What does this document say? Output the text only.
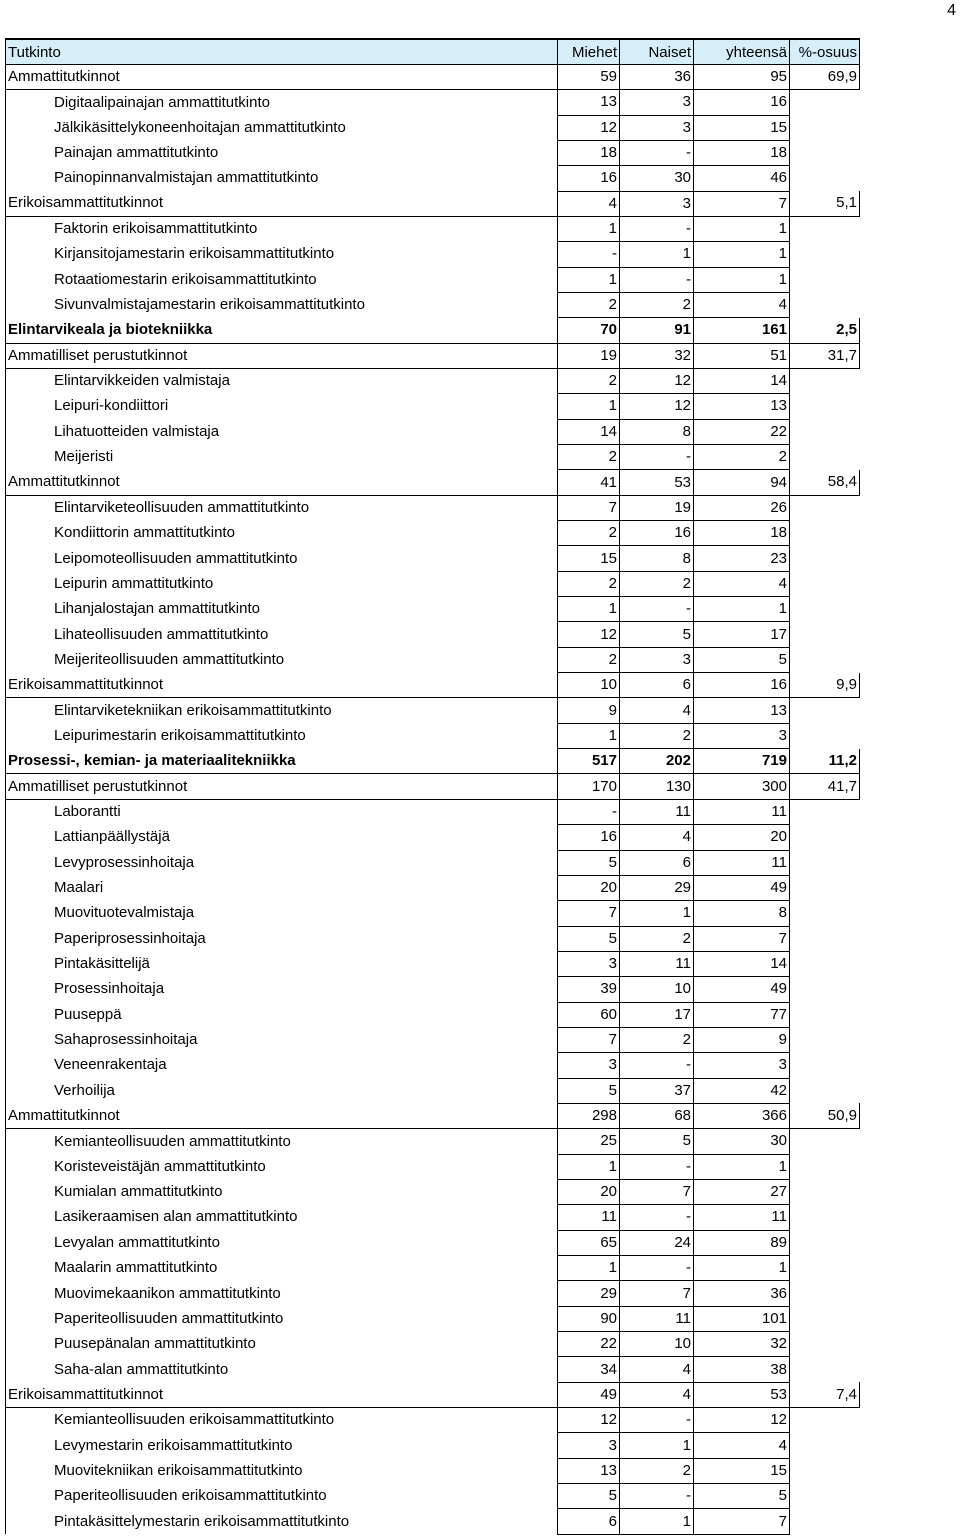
4
Tutkinto	Miehet	Naiset	yhteensä	%-osuus
Ammattitutkinnot	59	36	95	69,9
Digitaalipainajan ammattitutkinto	13	3	16	
Jälkikäsittelykoneenhoitajan ammattitutkinto	12	3	15	
Painajan ammattitutkinto	18	-	18	
Painopinnanvalmistajan ammattitutkinto	16	30	46	
Erikoisammattitutkinnot	4	3	7	5,1
Faktorin erikoisammattitutkinto	1	-	1	
Kirjansitojamestarin erikoisammattitutkinto	-	1	1	
Rotaatiomestarin erikoisammattitutkinto	1	-	1	
Sivunvalmistajamestarin erikoisammattitutkinto	2	2	4	
Elintarvikeala ja biotekniikka	70	91	161	2,5
Ammatilliset perustutkinnot	19	32	51	31,7
Elintarvikkeiden valmistaja	2	12	14	
Leipuri-kondiittori	1	12	13	
Lihatuotteiden valmistaja	14	8	22	
Meijeristi	2	-	2	
Ammattitutkinnot	41	53	94	58,4
Elintarviketeollisuuden ammattitutkinto	7	19	26	
Kondiittorin ammattitutkinto	2	16	18	
Leipomoteollisuuden ammattitutkinto	15	8	23	
Leipurin ammattitutkinto	2	2	4	
Lihanjalostajan ammattitutkinto	1	-	1	
Lihateollisuuden ammattitutkinto	12	5	17	
Meijeriteollisuuden ammattitutkinto	2	3	5	
Erikoisammattitutkinnot	10	6	16	9,9
Elintarviketekniikan erikoisammattitutkinto	9	4	13	
Leipurimestarin erikoisammattitutkinto	1	2	3	
Prosessi-, kemian- ja materiaalitekniikka	517	202	719	11,2
Ammatilliset perustutkinnot	170	130	300	41,7
Laborantti	-	11	11	
Lattianpäällystäjä	16	4	20	
Levyprosessinhoitaja	5	6	11	
Maalari	20	29	49	
Muovituotevalmistaja	7	1	8	
Paperiprosessinhoitaja	5	2	7	
Pintakäsittelijä	3	11	14	
Prosessinhoitaja	39	10	49	
Puuseppä	60	17	77	
Sahaprosessinhoitaja	7	2	9	
Veneenrakentaja	3	-	3	
Verhoilija	5	37	42	
Ammattitutkinnot	298	68	366	50,9
Kemianteollisuuden ammattitutkinto	25	5	30	
Koristeveistäjän ammattitutkinto	1	-	1	
Kumialan ammattitutkinto	20	7	27	
Lasikeraamisen alan ammattitutkinto	11	-	11	
Levyalan ammattitutkinto	65	24	89	
Maalarin ammattitutkinto	1	-	1	
Muovimekaanikon ammattitutkinto	29	7	36	
Paperiteollisuuden ammattitutkinto	90	11	101	
Puusepänalan ammattitutkinto	22	10	32	
Saha-alan ammattitutkinto	34	4	38	
Erikoisammattitutkinnot	49	4	53	7,4
Kemianteollisuuden erikoisammattitutkinto	12	-	12	
Levymestarin erikoisammattitutkinto	3	1	4	
Muovitekniikan erikoisammattitutkinto	13	2	15	
Paperiteollisuuden erikoisammattitutkinto	5	-	5	
Pintakäsittelymestarin erikoisammattitutkinto	6	1	7	
